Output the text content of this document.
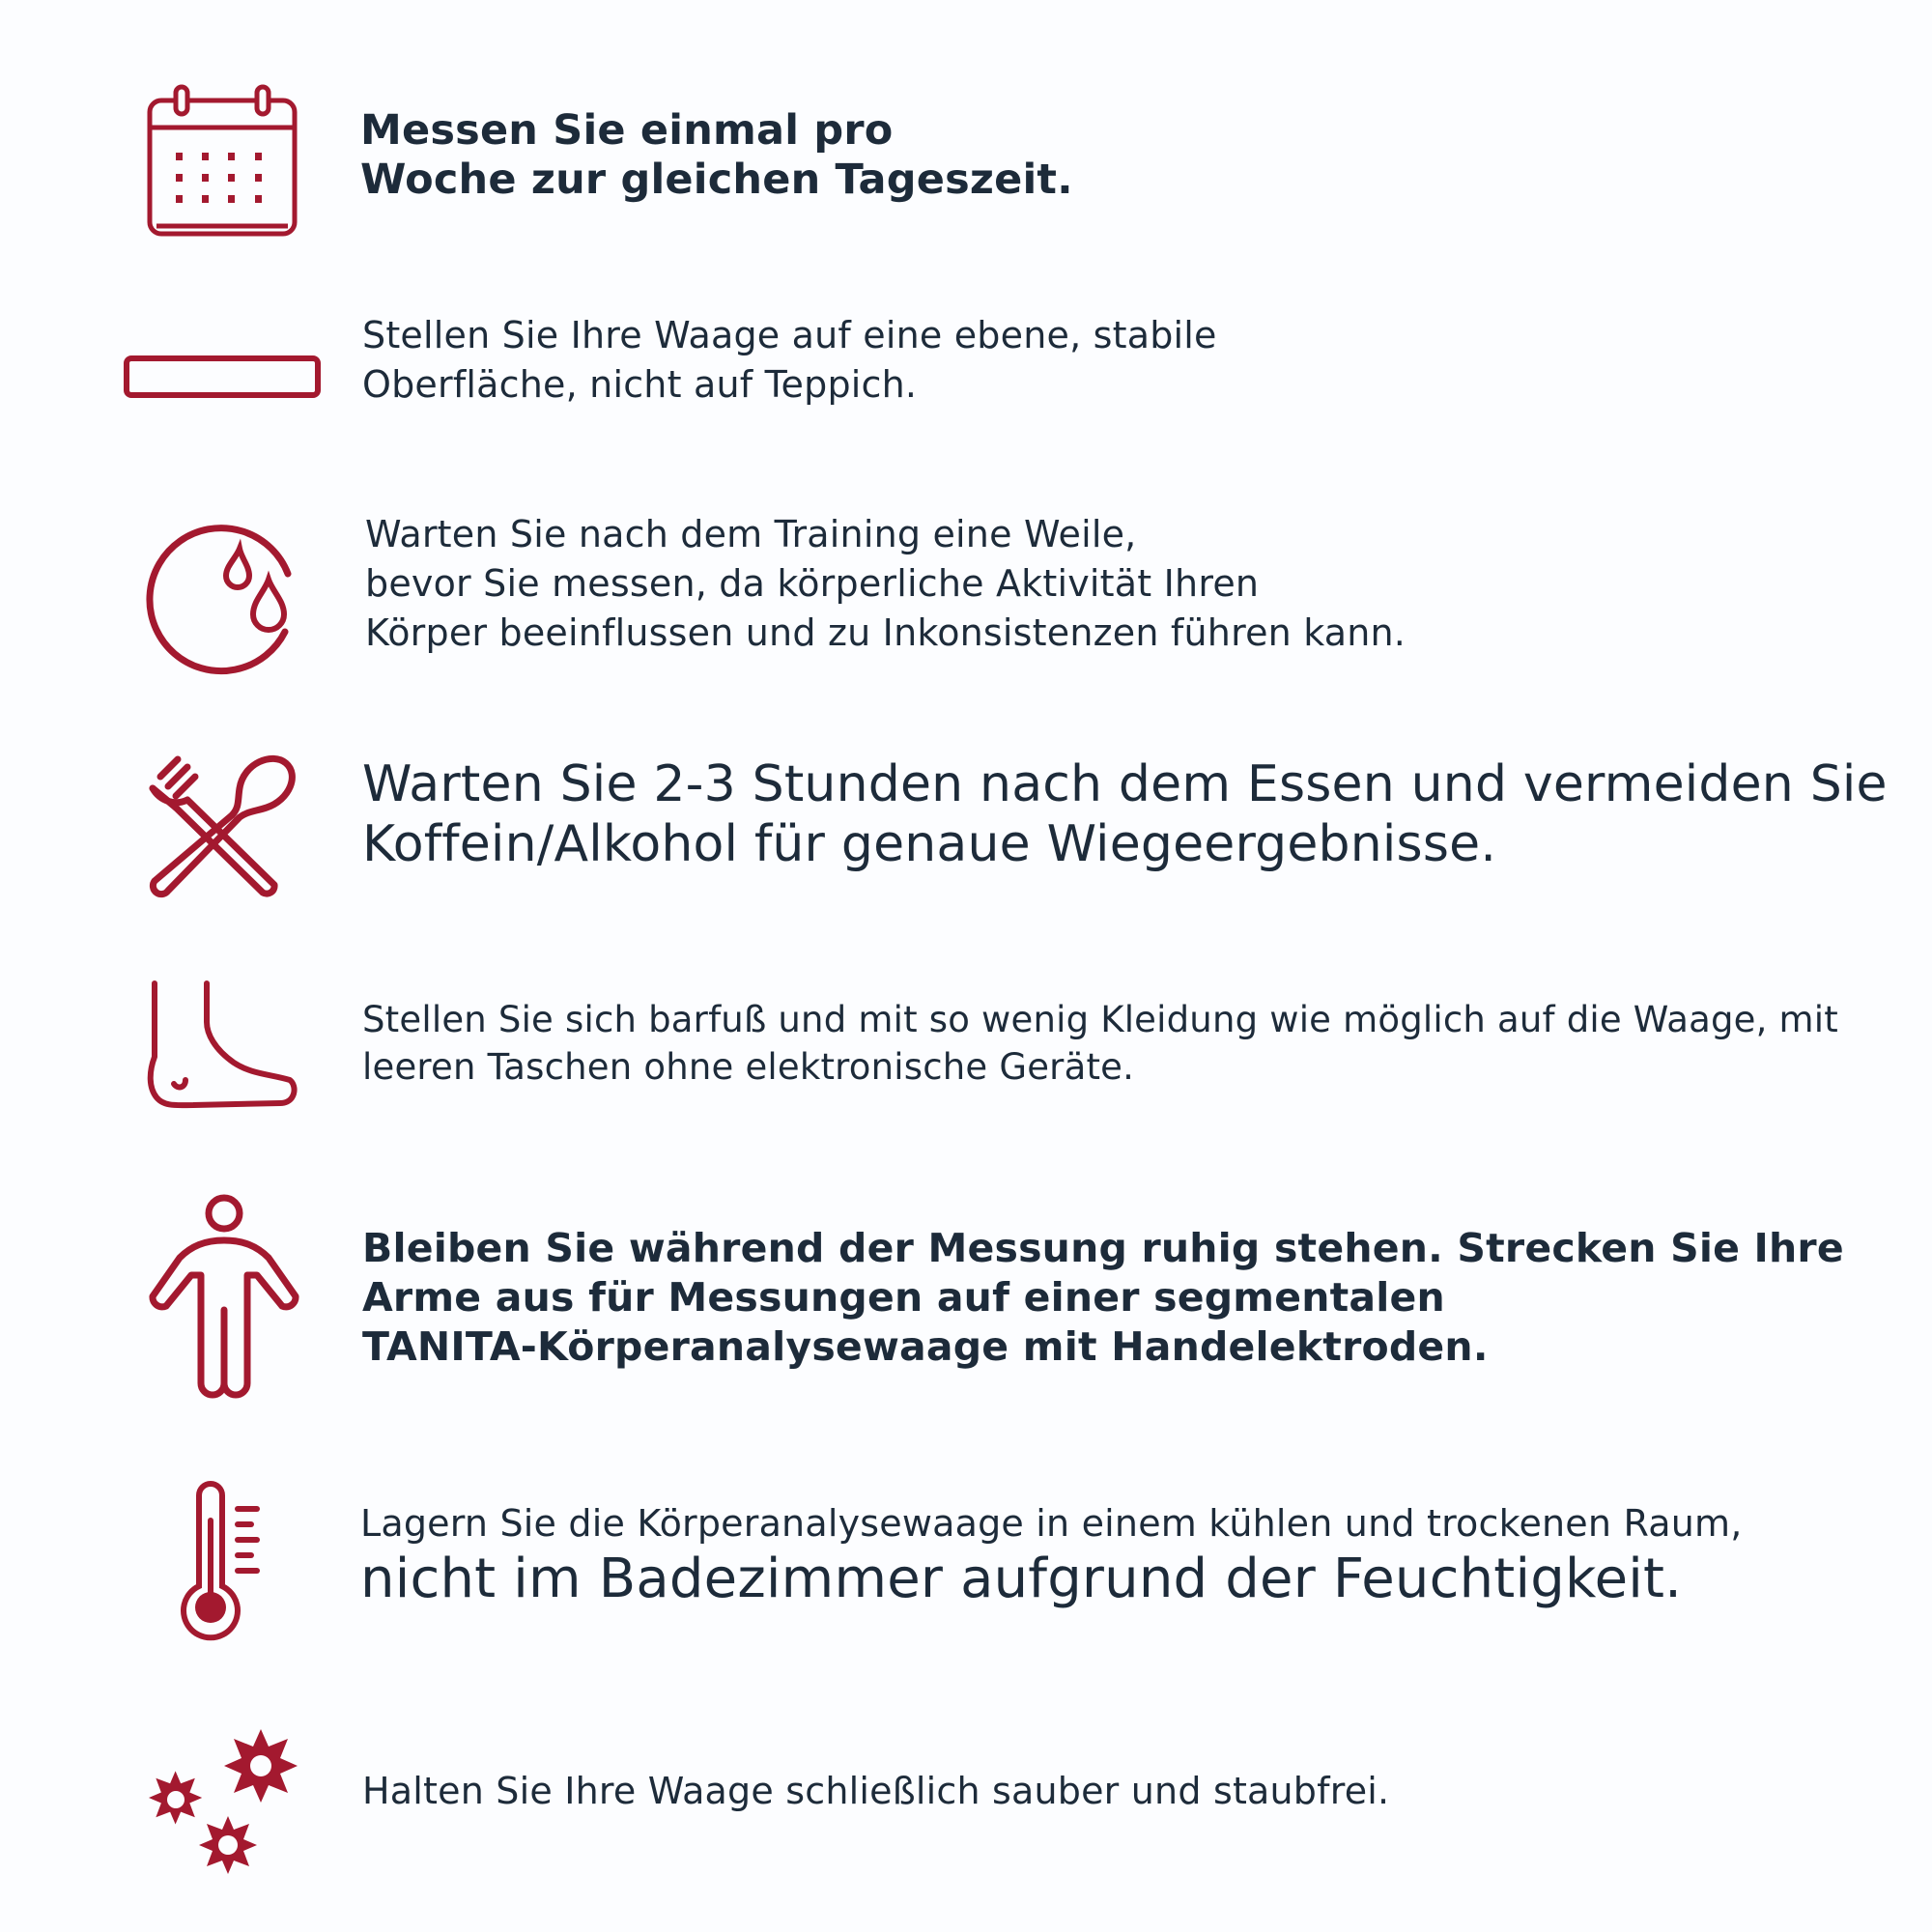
Messen Sie einmal pro
Woche zur gleichen Tageszeit.
Stellen Sie Ihre Waage auf eine ebene, stabile
Oberfläche, nicht auf Teppich.
Warten Sie nach dem Training eine Weile,
bevor Sie messen, da körperliche Aktivität Ihren
Körper beeinflussen und zu Inkonsistenzen führen kann.
Warten Sie 2-3 Stunden nach dem Essen und vermeiden Sie
Koffein/Alkohol für genaue Wiegeergebnisse.
Stellen Sie sich barfuß und mit so wenig Kleidung wie möglich auf die Waage, mit
leeren Taschen ohne elektronische Geräte.
Bleiben Sie während der Messung ruhig stehen. Strecken Sie Ihre
Arme aus für Messungen auf einer segmentalen
TANITA-Körperanalysewaage mit Handelektroden.
Lagern Sie die Körperanalysewaage in einem kühlen und trockenen Raum,
nicht im Badezimmer aufgrund der Feuchtigkeit.
Halten Sie Ihre Waage schließlich sauber und staubfrei.
